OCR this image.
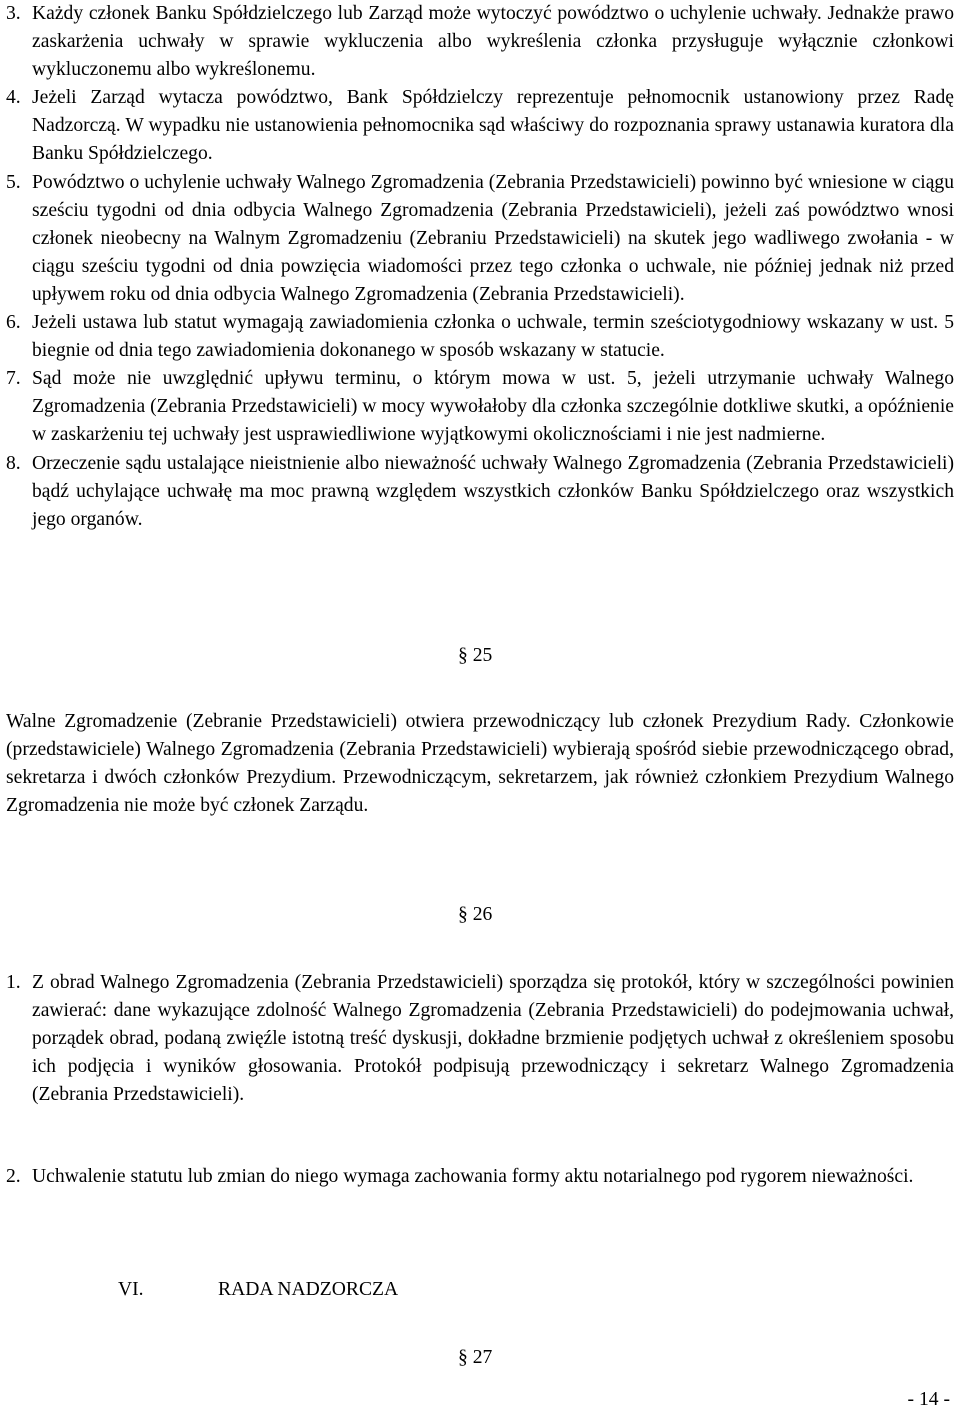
3. Każdy członek Banku Spółdzielczego lub Zarząd może wytoczyć powództwo o uchylenie uchwały. Jednakże prawo zaskarżenia uchwały w sprawie wykluczenia albo wykreślenia członka przysługuje wyłącznie członkowi wykluczonemu albo wykreślonemu.
4. Jeżeli Zarząd wytacza powództwo, Bank Spółdzielczy reprezentuje pełnomocnik ustanowiony przez Radę Nadzorczą. W wypadku nie ustanowienia pełnomocnika sąd właściwy do rozpoznania sprawy ustanawia kuratora dla Banku Spółdzielczego.
5. Powództwo o uchylenie uchwały Walnego Zgromadzenia (Zebrania Przedstawicieli) powinno być wniesione w ciągu sześciu tygodni od dnia odbycia Walnego Zgromadzenia (Zebrania Przedstawicieli), jeżeli zaś powództwo wnosi członek nieobecny na Walnym Zgromadzeniu (Zebraniu Przedstawicieli) na skutek jego wadliwego zwołania - w ciągu sześciu tygodni od dnia powzięcia wiadomości przez tego członka o uchwale, nie później jednak niż przed upływem roku od dnia odbycia Walnego Zgromadzenia (Zebrania Przedstawicieli).
6. Jeżeli ustawa lub statut wymagają zawiadomienia członka o uchwale, termin sześciotygodniowy wskazany w ust. 5 biegnie od dnia tego zawiadomienia dokonanego w sposób wskazany w statucie.
7. Sąd może nie uwzględnić upływu terminu, o którym mowa w ust. 5, jeżeli utrzymanie uchwały Walnego Zgromadzenia (Zebrania Przedstawicieli) w mocy wywołałoby dla członka szczególnie dotkliwe skutki, a opóźnienie w zaskarżeniu tej uchwały jest usprawiedliwione wyjątkowymi okolicznościami i nie jest nadmierne.
8. Orzeczenie sądu ustalające nieistnienie albo nieważność uchwały Walnego Zgromadzenia (Zebrania Przedstawicieli) bądź uchylające uchwałę ma moc prawną względem wszystkich członków Banku Spółdzielczego oraz wszystkich jego organów.
§ 25
Walne Zgromadzenie (Zebranie Przedstawicieli) otwiera przewodniczący lub członek Prezydium Rady. Członkowie (przedstawiciele) Walnego Zgromadzenia (Zebrania Przedstawicieli) wybierają spośród siebie przewodniczącego obrad, sekretarza i dwóch członków Prezydium. Przewodniczącym, sekretarzem, jak również członkiem Prezydium Walnego Zgromadzenia nie może być członek Zarządu.
§ 26
1. Z obrad Walnego Zgromadzenia (Zebrania Przedstawicieli) sporządza się protokół, który w szczególności powinien zawierać: dane wykazujące zdolność Walnego Zgromadzenia (Zebrania Przedstawicieli) do podejmowania uchwał, porządek obrad, podaną zwięźle istotną treść dyskusji, dokładne brzmienie podjętych uchwał z określeniem sposobu ich podjęcia i wyników głosowania. Protokół podpisują przewodniczący i sekretarz Walnego Zgromadzenia (Zebrania Przedstawicieli).
2. Uchwalenie statutu lub zmian do niego wymaga zachowania formy aktu notarialnego pod rygorem nieważności.
VI.	RADA NADZORCZA
§ 27
- 14 -
